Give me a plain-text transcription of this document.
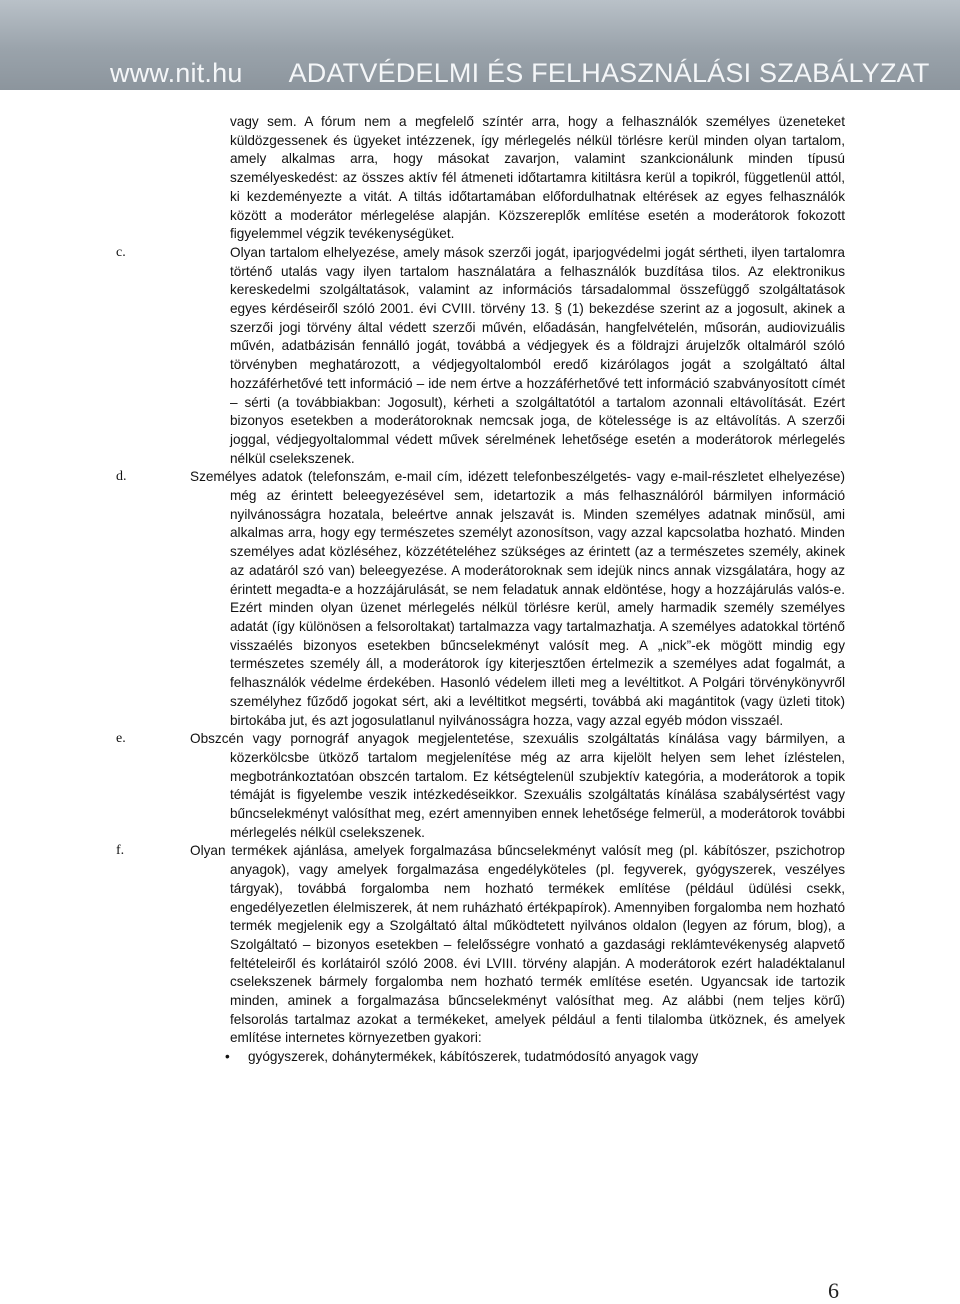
www.nit.hu ADATVÉDELMI ÉS FELHASZNÁLÁSI SZABÁLYZAT

vagy sem. A fórum nem a megfelelő színtér arra, hogy a felhasználók személyes üzeneteket küldözgessenek és ügyeket intézzenek, így mérlegelés nélkül törlésre kerül minden olyan tartalom, amely alkalmas arra, hogy másokat zavarjon, valamint szankcionálunk minden típusú személyeskedést: az összes aktív fél átmeneti időtartamra kitiltásra kerül a topikról, függetlenül attól, ki kezdeményezte a vitát. A tiltás időtartamában előfordulhatnak eltérések az egyes felhasználók között a moderátor mérlegelése alapján. Közszereplők említése esetén a moderátorok fokozott figyelemmel végzik tevékenységüket.

c.	Olyan tartalom elhelyezése, amely mások szerzői jogát, iparjogvédelmi jogát sértheti, ilyen tartalomra történő utalás vagy ilyen tartalom használatára a felhasználók buzdítása tilos. Az elektronikus kereskedelmi szolgáltatások, valamint az információs társadalommal összefüggő szolgáltatások egyes kérdéseiről szóló 2001. évi CVIII. törvény 13. § (1) bekezdése szerint az a jogosult, akinek a szerzői jogi törvény által védett szerzői művén, előadásán, hangfelvételén, műsorán, audiovizuális művén, adatbázisán fennálló jogát, továbbá a védjegyek és a földrajzi árujelzők oltalmáról szóló törvényben meghatározott, a védjegyoltalomból eredő kizárólagos jogát a szolgáltató által hozzáférhetővé tett információ – ide nem értve a hozzáférhetővé tett információ szabványosított címét – sérti (a továbbiakban: Jogosult), kérheti a szolgáltatótól a tartalom azonnali eltávolítását. Ezért bizonyos esetekben a moderátoroknak nemcsak joga, de kötelessége is az eltávolítás. A szerzői joggal, védjegyoltalommal védett művek sérelmének lehetősége esetén a moderátorok mérlegelés nélkül cselekszenek.

d.	Személyes adatok (telefonszám, e-mail cím, idézett telefonbeszélgetés- vagy e-mail-részletet elhelyezése) még az érintett beleegyezésével sem, idetartozik a más felhasználóról bármilyen információ nyilvánosságra hozatala, beleértve annak jelszavát is. Minden személyes adatnak minősül, ami alkalmas arra, hogy egy természetes személyt azonosítson, vagy azzal kapcsolatba hozható. Minden személyes adat közléséhez, közzétételéhez szükséges az érintett (az a természetes személy, akinek az adatáról szó van) beleegyezése. A moderátoroknak sem idejük nincs annak vizsgálatára, hogy az érintett megadta-e a hozzájárulását, se nem feladatuk annak eldöntése, hogy a hozzájárulás valós-e. Ezért minden olyan üzenet mérlegelés nélkül törlésre kerül, amely harmadik személy személyes adatát (így különösen a felsoroltakat) tartalmazza vagy tartalmazhatja. A személyes adatokkal történő visszaélés bizonyos esetekben bűncselekményt valósít meg. A „nick”-ek mögött mindig egy természetes személy áll, a moderátorok így kiterjesztően értelmezik a személyes adat fogalmát, a felhasználók védelme érdekében. Hasonló védelem illeti meg a levéltitkot. A Polgári törvénykönyvről személyhez fűződő jogokat sért, aki a levéltitkot megsérti, továbbá aki magántitok (vagy üzleti titok) birtokába jut, és azt jogosulatlanul nyilvánosságra hozza, vagy azzal egyéb módon visszaél.

e.	Obszcén vagy pornográf anyagok megjelentetése, szexuális szolgáltatás kínálása vagy bármilyen, a közerkölcsbe ütköző tartalom megjelenítése még az arra kijelölt helyen sem lehet ízléstelen, megbotránkoztatóan obszcén tartalom. Ez kétségtelenül szubjektív kategória, a moderátorok a topik témáját is figyelembe veszik intézkedéseikkor. Szexuális szolgáltatás kínálása szabálysértést vagy bűncselekményt valósíthat meg, ezért amennyiben ennek lehetősége felmerül, a moderátorok további mérlegelés nélkül cselekszenek.

f.	Olyan termékek ajánlása, amelyek forgalmazása bűncselekményt valósít meg (pl. kábítószer, pszichotrop anyagok), vagy amelyek forgalmazása engedélyköteles (pl. fegyverek, gyógyszerek, veszélyes tárgyak), továbbá forgalomba nem hozható termékek említése (például üdülési csekk, engedélyezetlen élelmiszerek, át nem ruházható értékpapírok). Amennyiben forgalomba nem hozható termék megjelenik egy a Szolgáltató által működtetett nyilvános oldalon (legyen az fórum, blog), a Szolgáltató – bizonyos esetekben – felelősségre vonható a gazdasági reklámtevékenység alapvető feltételeiről és korlátairól szóló 2008. évi LVIII. törvény alapján. A moderátorok ezért haladéktalanul cselekszenek bármely forgalomba nem hozható termék említése esetén. Ugyancsak ide tartozik minden, aminek a forgalmazása bűncselekményt valósíthat meg. Az alábbi (nem teljes körű) felsorolás tartalmaz azokat a termékeket, amelyek például a fenti tilalomba ütköznek, és amelyek említése internetes környezetben gyakori:

• gyógyszerek, dohánytermékek, kábítószerek, tudatmódosító anyagok vagy
6
